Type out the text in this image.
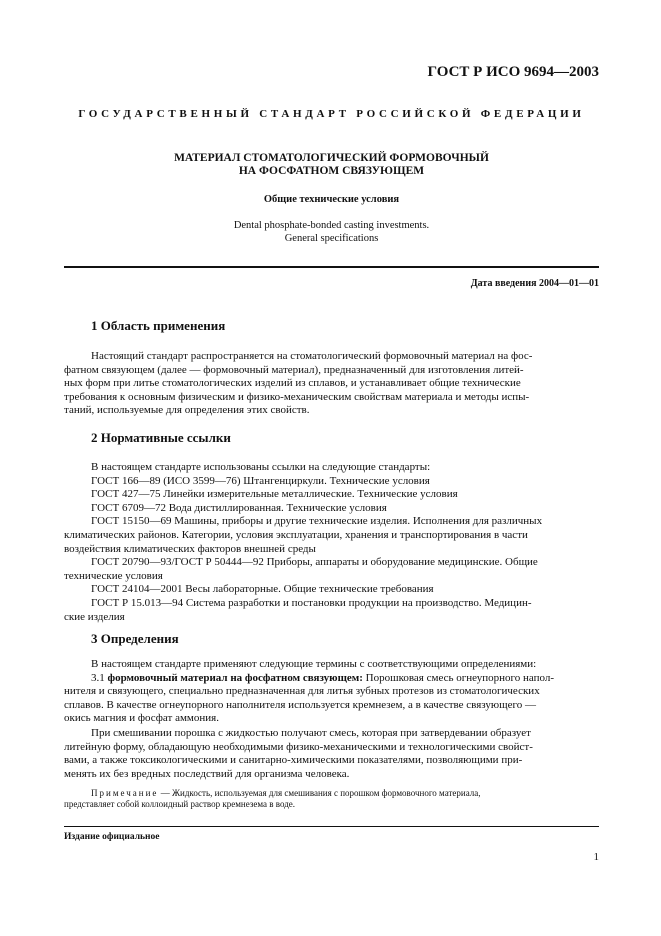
ГОСТ Р ИСО 9694—2003
ГОСУДАРСТВЕННЫЙ СТАНДАРТ РОССИЙСКОЙ ФЕДЕРАЦИИ
МАТЕРИАЛ СТОМАТОЛОГИЧЕСКИЙ ФОРМОВОЧНЫЙ
НА ФОСФАТНОМ СВЯЗУЮЩЕМ
Общие технические условия
Dental phosphate-bonded casting investments.
General specifications
Дата введения 2004—01—01
1 Область применения
Настоящий стандарт распространяется на стоматологический формовочный материал на фос-
фатном связующем (далее — формовочный материал), предназначенный для изготовления литей-
ных форм при литье стоматологических изделий из сплавов, и устанавливает общие технические
требования к основным физическим и физико-механическим свойствам материала и методы испы-
таний, используемые для определения этих свойств.
2 Нормативные ссылки
В настоящем стандарте использованы ссылки на следующие стандарты:
ГОСТ 166—89 (ИСО 3599—76) Штангенциркули. Технические условия
ГОСТ 427—75 Линейки измерительные металлические. Технические условия
ГОСТ 6709—72 Вода дистиллированная. Технические условия
ГОСТ 15150—69 Машины, приборы и другие технические изделия. Исполнения для различных
климатических районов. Категории, условия эксплуатации, хранения и транспортирования в части
воздействия климатических факторов внешней среды
ГОСТ 20790—93/ГОСТ Р 50444—92 Приборы, аппараты и оборудование медицинские. Общие
технические условия
ГОСТ 24104—2001 Весы лабораторные. Общие технические требования
ГОСТ Р 15.013—94 Система разработки и постановки продукции на производство. Медицин-
ские изделия
3 Определения
В настоящем стандарте применяют следующие термины с соответствующими определениями:
3.1 формовочный материал на фосфатном связующем: Порошковая смесь огнеупорного напол-
нителя и связующего, специально предназначенная для литья зубных протезов из стоматологических
сплавов. В качестве огнеупорного наполнителя используется кремнезем, а в качестве связующего —
окись магния и фосфат аммония.
При смешивании порошка с жидкостью получают смесь, которая при затвердевании образует
литейную форму, обладающую необходимыми физико-механическими и технологическими свойст-
вами, а также токсикологическими и санитарно-химическими показателями, позволяющими при-
менять их без вредных последствий для организма человека.
Примечание — Жидкость, используемая для смешивания с порошком формовочного материала,
представляет собой коллоидный раствор кремнезема в воде.
Издание официальное
1
